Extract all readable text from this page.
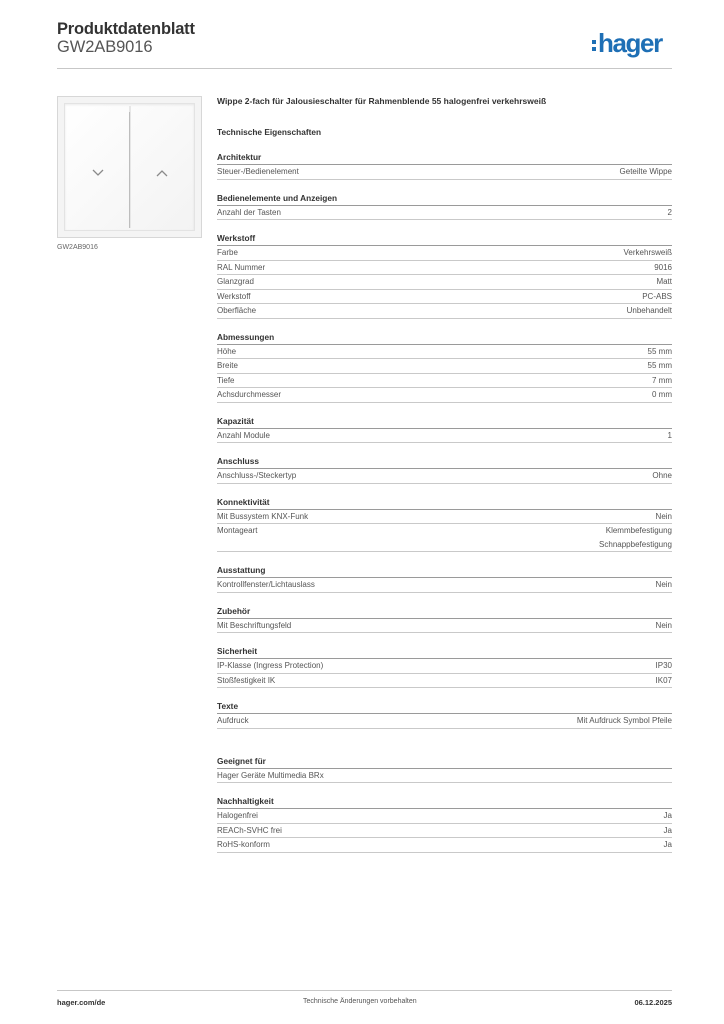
Produktdatenblatt
GW2AB9016	hager
GW2AB9016
Wippe 2-fach für Jalousieschalter für Rahmenblende 55 halogenfrei verkehrsweiß
Technische Eigenschaften
Architektur
Steuer-/Bedienelement	Geteilte Wippe
Bedienelemente und Anzeigen
Anzahl der Tasten	2
Werkstoff
Farbe	Verkehrsweiß
RAL Nummer	9016
Glanzgrad	Matt
Werkstoff	PC-ABS
Oberfläche	Unbehandelt
Abmessungen
Höhe	55 mm
Breite	55 mm
Tiefe	7 mm
Achsdurchmesser	0 mm
Kapazität
Anzahl Module	1
Anschluss
Anschluss-/Steckertyp	Ohne
Konnektivität
Mit Bussystem KNX-Funk	Nein
Montageart	Klemmbefestigung
Schnappbefestigung
Ausstattung
Kontrollfenster/Lichtauslass	Nein
Zubehör
Mit Beschriftungsfeld	Nein
Sicherheit
IP-Klasse (Ingress Protection)	IP30
Stoßfestigkeit IK	IK07
Texte
Aufdruck	Mit Aufdruck Symbol Pfeile
Geeignet für
Hager Geräte Multimedia BRx
Nachhaltigkeit
Halogenfrei	Ja
REACh-SVHC frei	Ja
RoHS-konform	Ja
hager.com/de	Technische Änderungen vorbehalten	06.12.2025
